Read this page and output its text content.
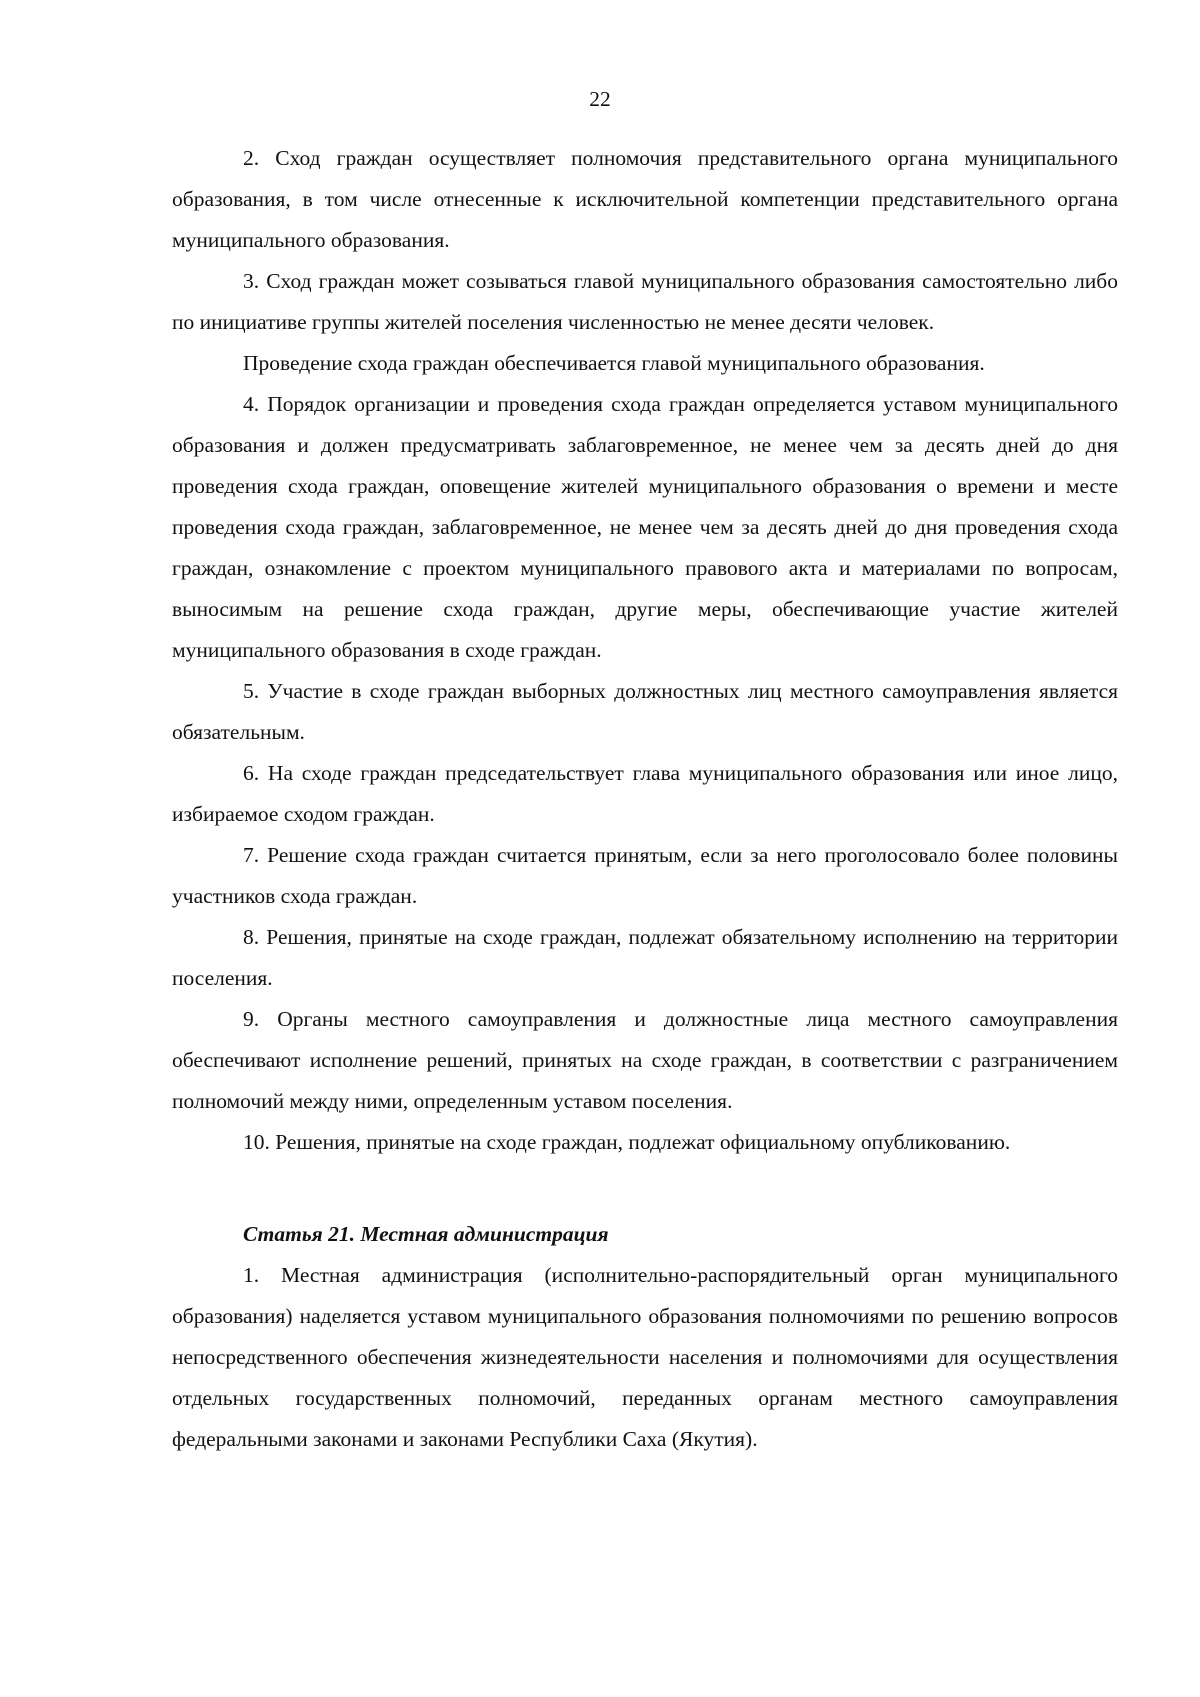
22

2. Сход граждан осуществляет полномочия представительного органа муниципального образования, в том числе отнесенные к исключительной компетенции представительного органа муниципального образования.

3. Сход граждан может созываться главой муниципального образования самостоятельно либо по инициативе группы жителей поселения численностью не менее десяти человек.

Проведение схода граждан обеспечивается главой муниципального образования.

4. Порядок организации и проведения схода граждан определяется уставом муниципального образования и должен предусматривать заблаговременное, не менее чем за десять дней до дня проведения схода граждан, оповещение жителей муниципального образования о времени и месте проведения схода граждан, заблаговременное, не менее чем за десять дней до дня проведения схода граждан, ознакомление с проектом муниципального правового акта и материалами по вопросам, выносимым на решение схода граждан, другие меры, обеспечивающие участие жителей муниципального образования в сходе граждан.

5. Участие в сходе граждан выборных должностных лиц местного самоуправления является обязательным.

6. На сходе граждан председательствует глава муниципального образования или иное лицо, избираемое сходом граждан.

7. Решение схода граждан считается принятым, если за него проголосовало более половины участников схода граждан.

8. Решения, принятые на сходе граждан, подлежат обязательному исполнению на территории поселения.

9. Органы местного самоуправления и должностные лица местного самоуправления обеспечивают исполнение решений, принятых на сходе граждан, в соответствии с разграничением полномочий между ними, определенным уставом поселения.

10. Решения, принятые на сходе граждан, подлежат официальному опубликованию.

Статья 21. Местная администрация

1. Местная администрация (исполнительно-распорядительный орган муниципального образования) наделяется уставом муниципального образования полномочиями по решению вопросов непосредственного обеспечения жизнедеятельности населения и полномочиями для осуществления отдельных государственных полномочий, переданных органам местного самоуправления федеральными законами и законами Республики Саха (Якутия).
